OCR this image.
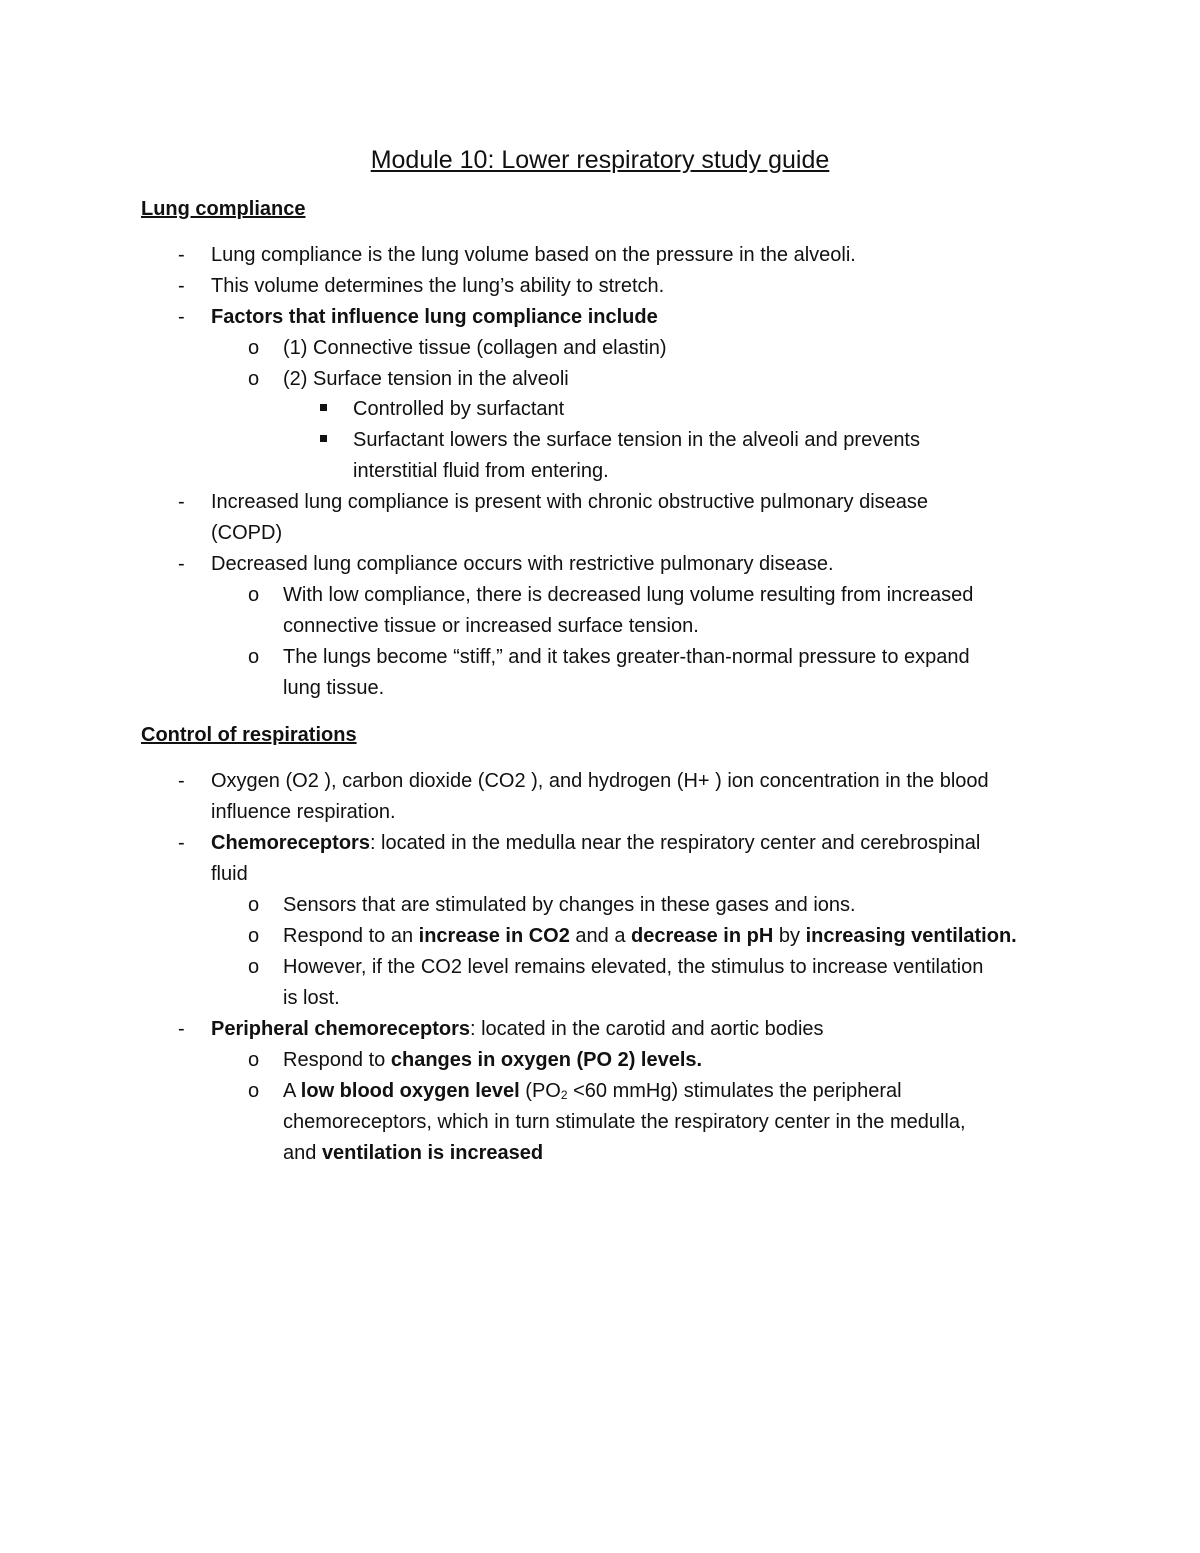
Module 10: Lower respiratory study guide
Lung compliance
- Lung compliance is the lung volume based on the pressure in the alveoli.
- This volume determines the lung’s ability to stretch.
- Factors that influence lung compliance include
o (1) Connective tissue (collagen and elastin)
o (2) Surface tension in the alveoli
Controlled by surfactant
Surfactant lowers the surface tension in the alveoli and prevents
interstitial fluid from entering.
- Increased lung compliance is present with chronic obstructive pulmonary disease
(COPD)
- Decreased lung compliance occurs with restrictive pulmonary disease.
o With low compliance, there is decreased lung volume resulting from increased
connective tissue or increased surface tension.
o The lungs become “stiff,” and it takes greater-than-normal pressure to expand
lung tissue.
Control of respirations
- Oxygen (O2 ), carbon dioxide (CO2 ), and hydrogen (H+ ) ion concentration in the blood
influence respiration.
- Chemoreceptors: located in the medulla near the respiratory center and cerebrospinal
fluid
o Sensors that are stimulated by changes in these gases and ions.
o Respond to an increase in CO2 and a decrease in pH by increasing ventilation.
o However, if the CO2 level remains elevated, the stimulus to increase ventilation
is lost.
- Peripheral chemoreceptors: located in the carotid and aortic bodies
o Respond to changes in oxygen (PO 2) levels.
o A low blood oxygen level ($PO_2 <60$ mmHg) stimulates the peripheral
chemoreceptors, which in turn stimulate the respiratory center in the medulla,
and ventilation is increased
